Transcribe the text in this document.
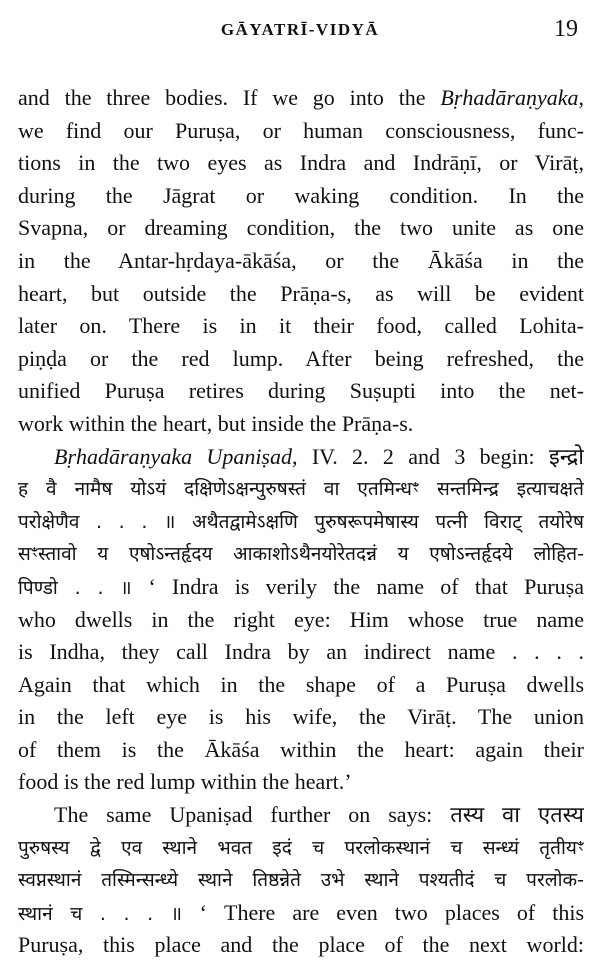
GĀYATRĪ-VIDYĀ	19
and the three bodies. If we go into the Bṛhadāraṇyaka,
we find our Puruṣa, or human consciousness, func-
tions in the two eyes as Indra and Indrāṇī, or Virāṭ,
during the Jāgrat or waking condition. In the
Svapna, or dreaming condition, the two unite as one
in the Antar-hṛdaya-ākāśa, or the Ākāśa in the
heart, but outside the Prāṇa-s, as will be evident
later on. There is in it their food, called Lohita-
piṇḍa or the red lump. After being refreshed, the
unified Puruṣa retires during Suṣupti into the net-
work within the heart, but inside the Prāṇa-s.
Bṛhadāraṇyaka Upaniṣad, IV. 2. 2 and 3 begin: इन्द्रो
ह वै नामैष योऽयं दक्षिणेऽक्षन्पुरुषस्तं वा एतमिन्धꣳ सन्तमिन्द्र इत्याचक्षते
परोक्षेणैव . . . ॥ अथैतद्वामेऽक्षणि पुरुषरूपमेषास्य पत्नी विराट् तयोरेष
सꣳस्तावो य एषोऽन्तर्हृदय आकाशोऽथैनयोरेतदन्नं य एषोऽन्तर्हृदये लोहित-
पिण्डो . . ॥ ‘ Indra is verily the name of that Puruṣa
who dwells in the right eye: Him whose true name
is Indha, they call Indra by an indirect name . . . .
Again that which in the shape of a Puruṣa dwells
in the left eye is his wife, the Virāṭ. The union
of them is the Ākāśa within the heart: again their
food is the red lump within the heart.’
The same Upaniṣad further on says: तस्य वा एतस्य
पुरुषस्य द्वे एव स्थाने भवत इदं च परलोकस्थानं च सन्ध्यं तृतीयꣳ
स्वप्नस्थानं तस्मिन्सन्ध्ये स्थाने तिष्ठन्नेते उभे स्थाने पश्यतीदं च परलोक-
स्थानं च . . . ॥ ‘ There are even two places of this
Puruṣa, this place and the place of the next world:
